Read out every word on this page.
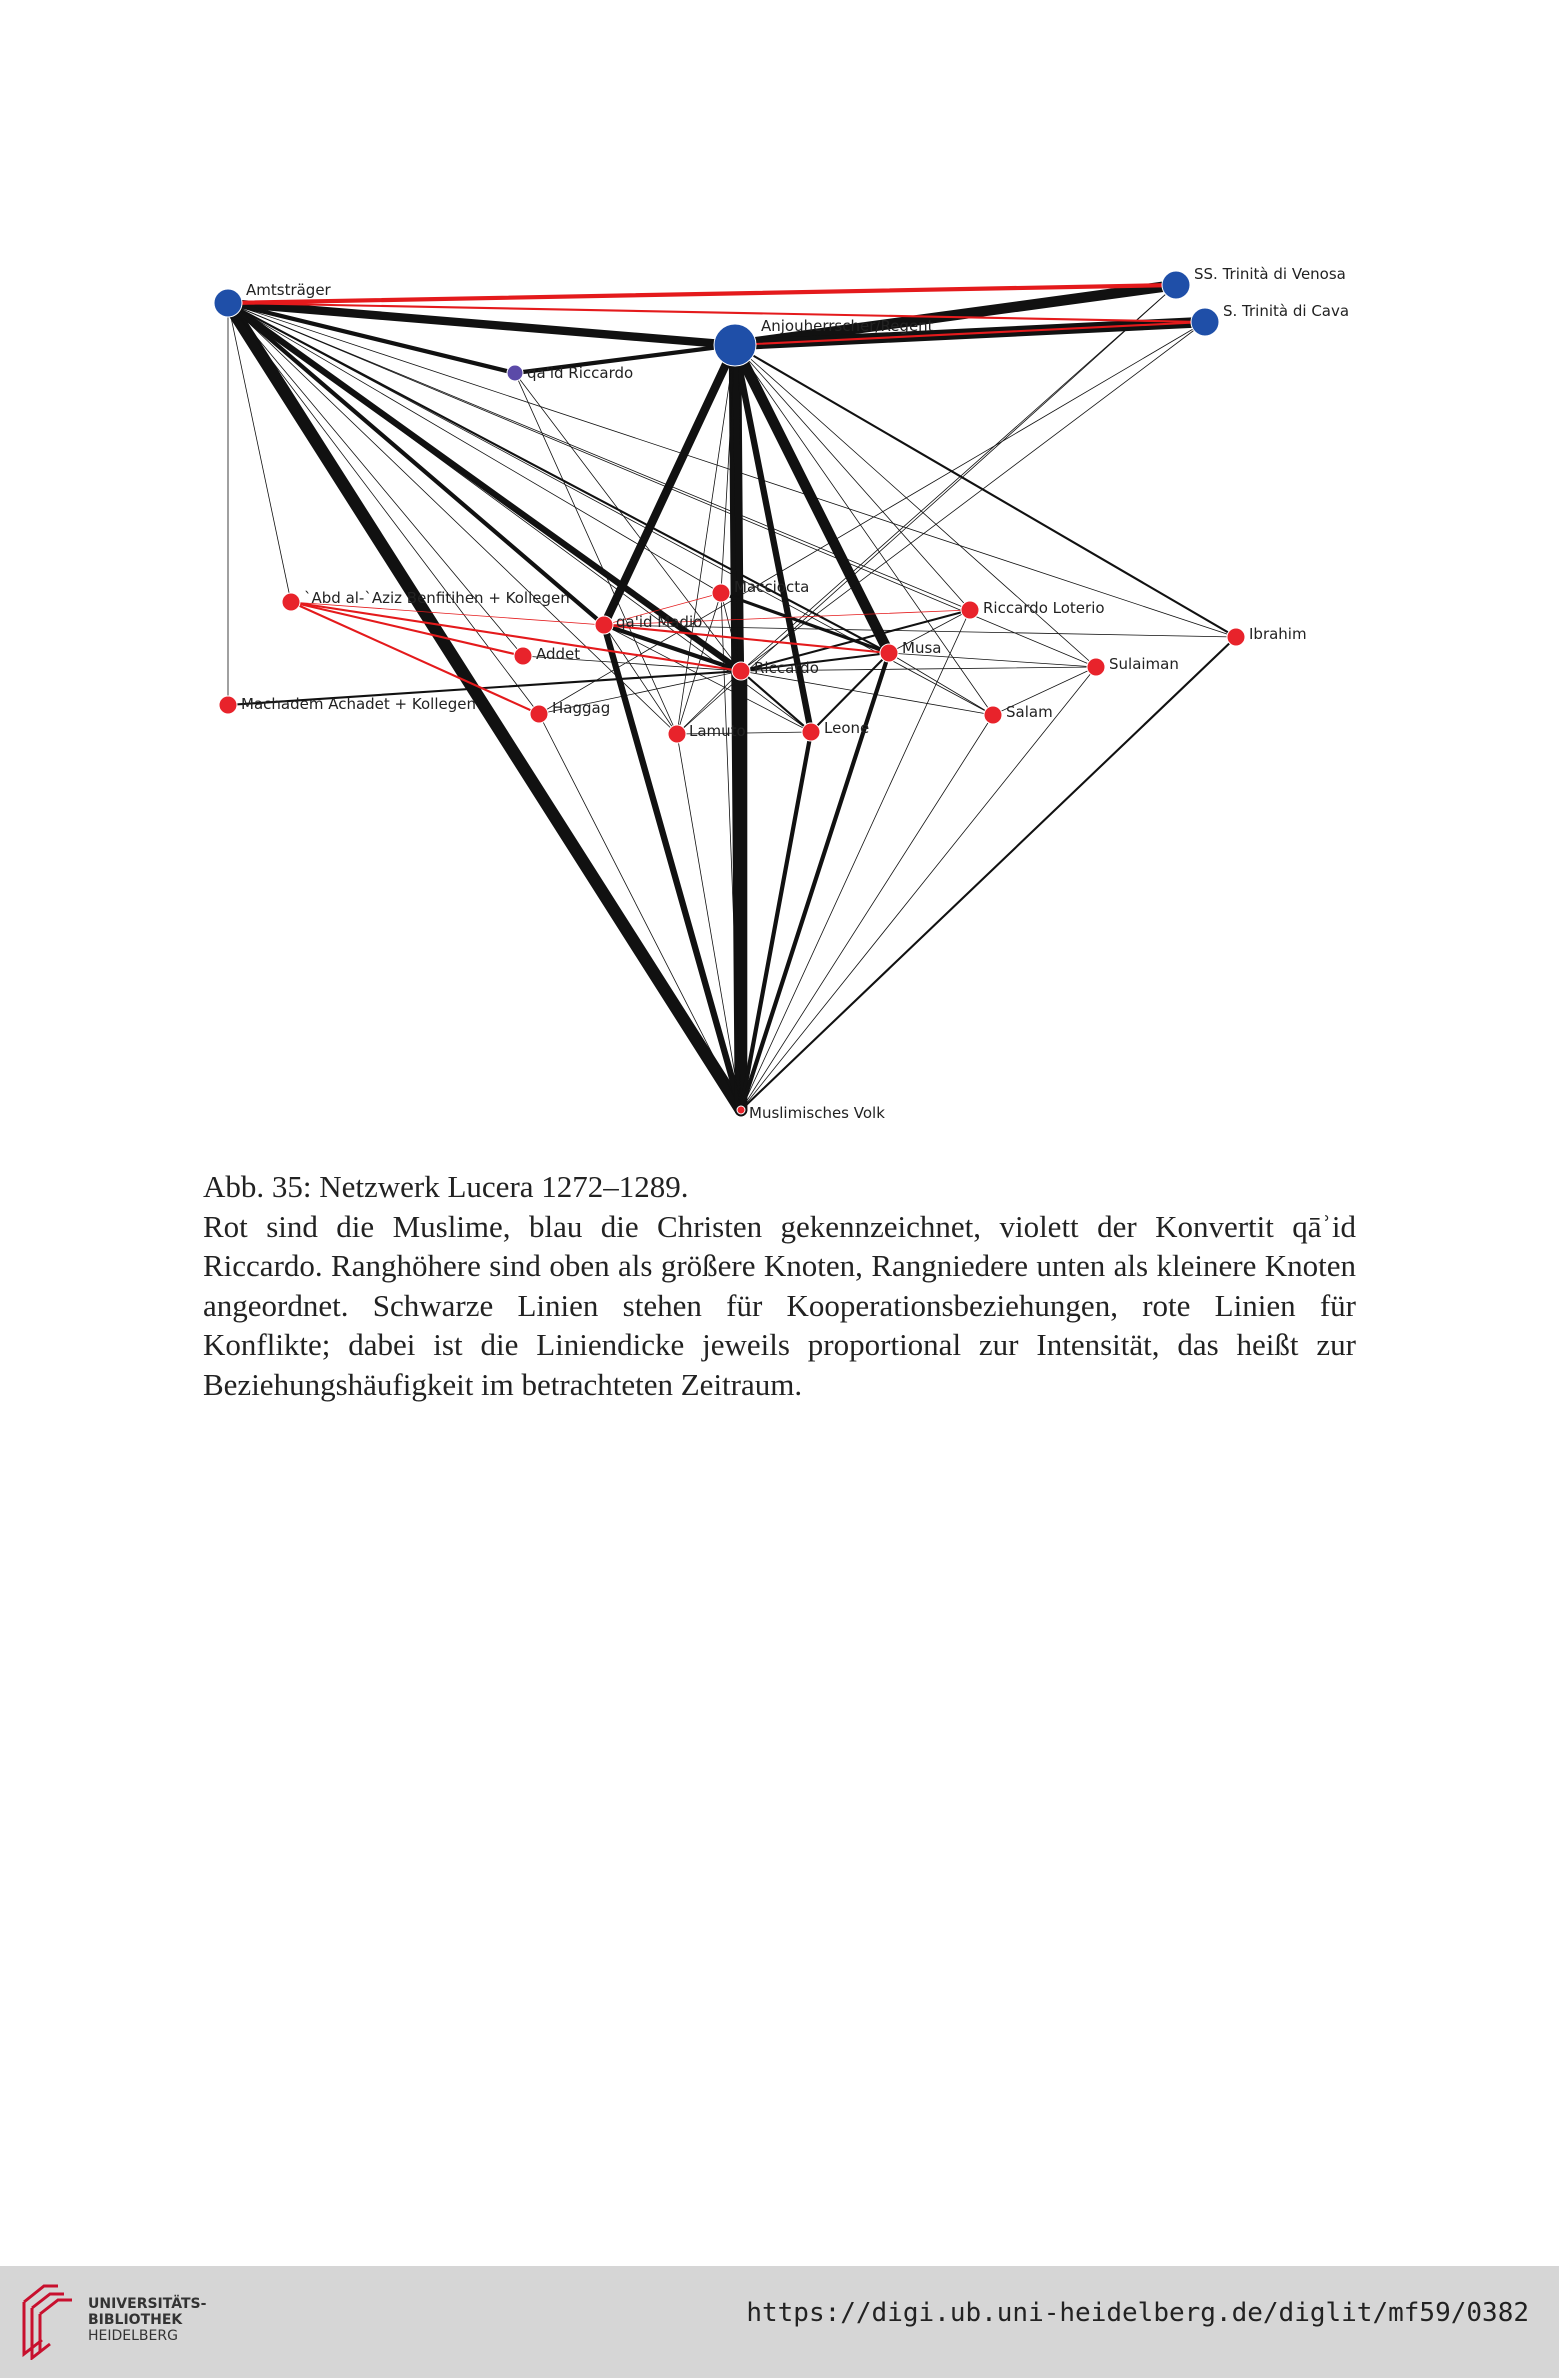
Amtsträger
SS. Trinità di Venosa
S. Trinità di Cava
Anjouherrscher/Regent
qa'id Riccardo
`Abd al-`Aziz Benfitihen + Kollegen
Machadem Achadet + Kollegen
Macciocta
qa'id Madio
Addet
Haggag
Riccardo
Lamuto	Leone
Musa
Riccardo Loterio
Sulaiman
Salam
Ibrahim
Muslimisches Volk

Abb. 35: Netzwerk Lucera 1272–1289.

Rot sind die Muslime, blau die Christen gekennzeichnet, violett der Konvertit qāʾid Riccardo. Ranghöhere sind oben als größere Knoten, Rangniedere unten als kleinere Knoten angeordnet. Schwarze Linien stehen für Kooperationsbeziehungen, rote Linien für Konflikte; dabei ist die Liniendicke jeweils proportional zur Intensität, das heißt zur Beziehungshäufigkeit im betrachteten Zeitraum.

UNIVERSITÄTS-
BIBLIOTHEK
HEIDELBERG
https://digi.ub.uni-heidelberg.de/diglit/mf59/0382
